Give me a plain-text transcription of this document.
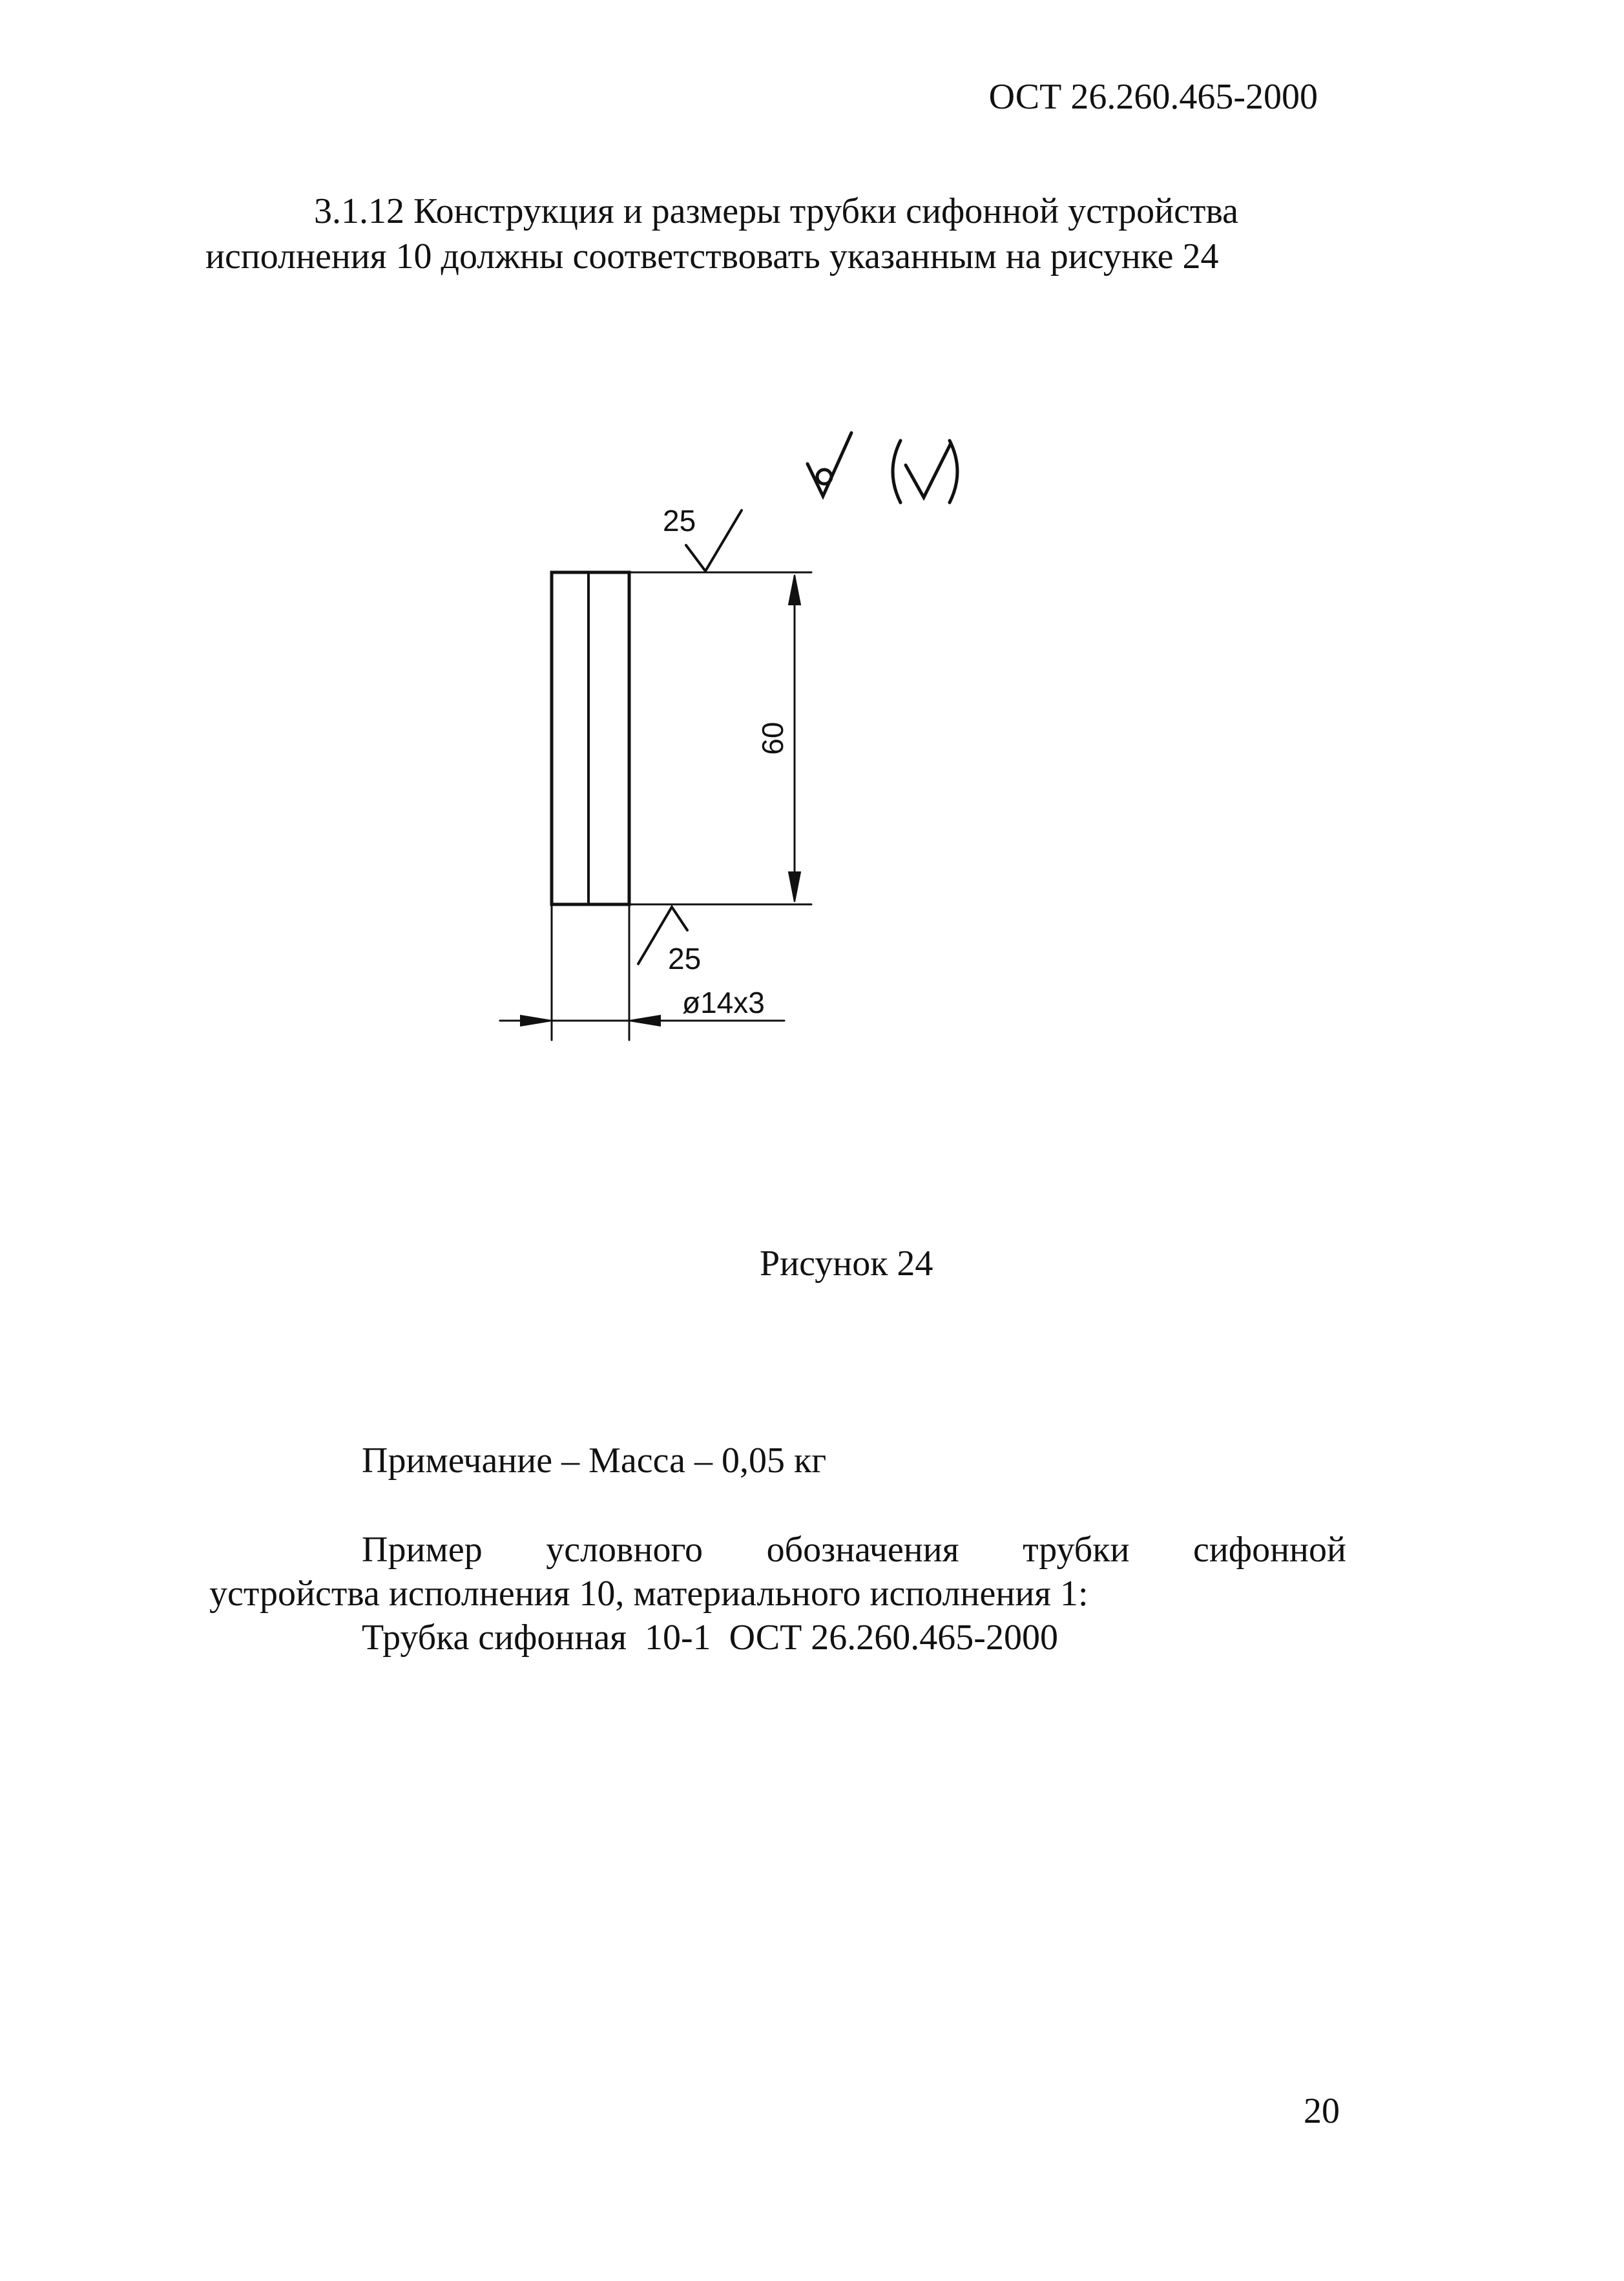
ОСТ 26.260.465-2000
3.1.12 Конструкция и размеры трубки сифонной устройства
исполнения 10 должны соответствовать указанным на рисунке 24
25
25
60
ø14х3
Рисунок 24
Примечание – Масса – 0,05 кг
Пример условного обозначения трубки сифонной
устройства исполнения 10, материального исполнения 1:
Трубка сифонная  10-1  ОСТ 26.260.465-2000
20
